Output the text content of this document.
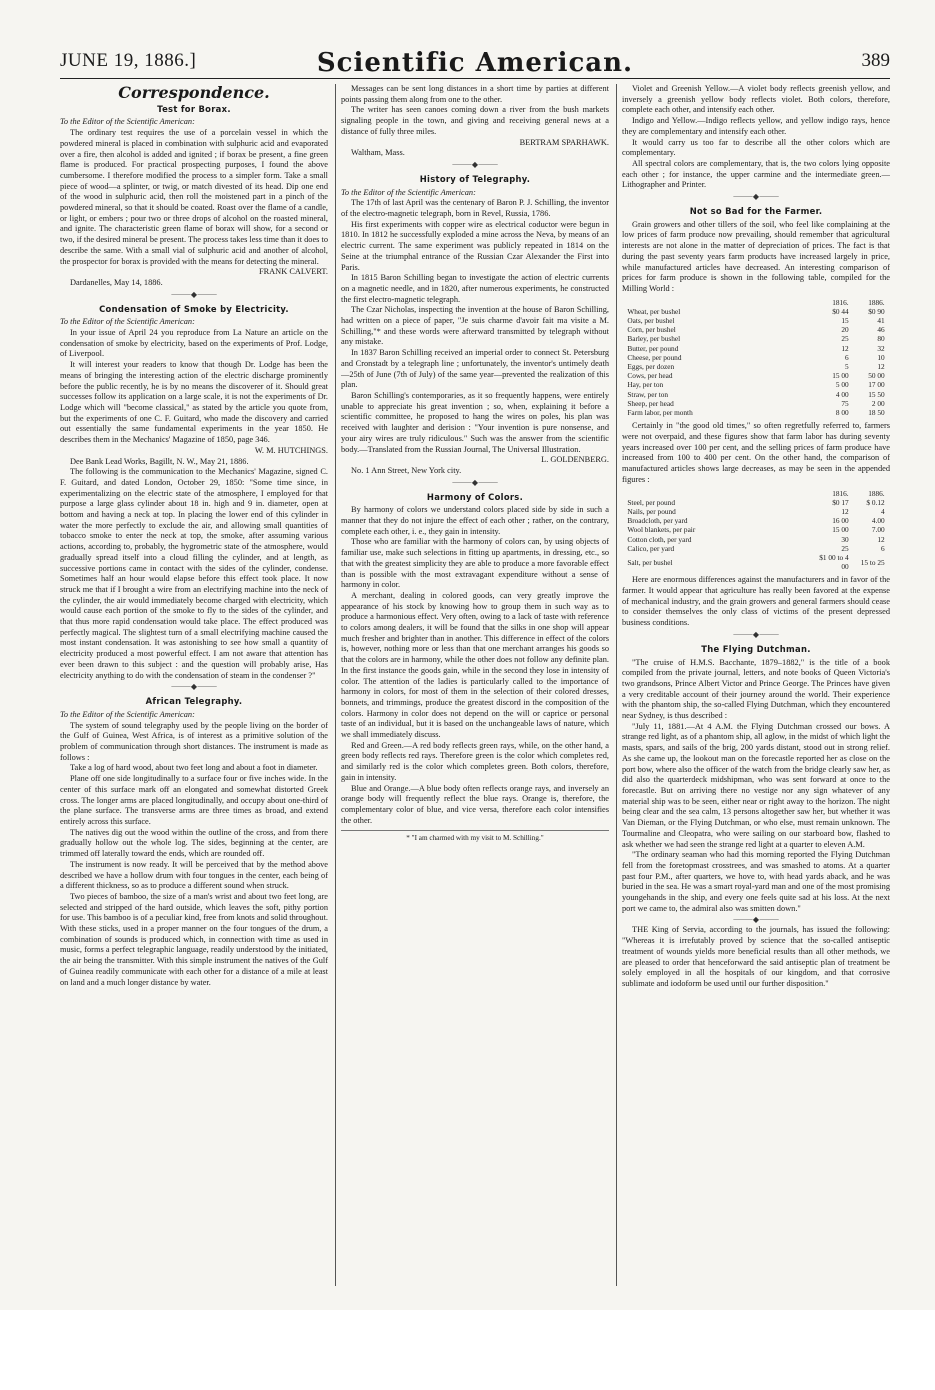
JUNE 19, 1886.]	Scientific American.	389
Correspondence.
Test for Borax.

To the Editor of the Scientific American:

The ordinary test requires the use of a porcelain vessel in which the powdered mineral is placed in combination with sulphuric acid and evaporated over a fire, then alcohol is added and ignited ; if borax be present, a fine green flame is produced. For practical prospecting purposes, I found the above cumbersome. I therefore modified the process to a simpler form. Take a small piece of wood—a splinter, or twig, or match divested of its head. Dip one end of the wood in sulphuric acid, then roll the moistened part in a pinch of the powdered mineral, so that it should be coated. Roast over the flame of a candle, or light, or embers ; pour two or three drops of alcohol on the roasted mineral, and ignite. The characteristic green flame of borax will show, for a second or two, if the desired mineral be present. The process takes less time than it does to describe the same. With a small vial of sulphuric acid and another of alcohol, the prospector for borax is provided with the means for detecting the mineral.

FRANK CALVERT.

Dardanelles, May 14, 1886.

⸻◆⸻
Condensation of Smoke by Electricity.

To the Editor of the Scientific American:

In your issue of April 24 you reproduce from La Nature an article on the condensation of smoke by electricity, based on the experiments of Prof. Lodge, of Liverpool.

It will interest your readers to know that though Dr. Lodge has been the means of bringing the interesting action of the electric discharge prominently before the public recently, he is by no means the discoverer of it. Should great successes follow its application on a large scale, it is not the experiments of Dr. Lodge which will "become classical," as stated by the article you quote from, but the experiments of one C. F. Guitard, who made the discovery and carried out essentially the same fundamental experiments in the year 1850. He describes them in the Mechanics' Magazine of 1850, page 346.

W. M. HUTCHINGS.

Dee Bank Lead Works, Bagillt, N. W., May 21, 1886.

The following is the communication to the Mechanics' Magazine, signed C. F. Guitard, and dated London, October 29, 1850: "Some time since, in experimentalizing on the electric state of the atmosphere, I employed for that purpose a large glass cylinder about 18 in. high and 9 in. diameter, open at bottom and having a neck at top. In placing the lower end of this cylinder in water the more perfectly to exclude the air, and allowing small quantities of tobacco smoke to enter the neck at top, the smoke, after assuming various actions, according to, probably, the hygrometric state of the atmosphere, would gradually spread itself into a cloud filling the cylinder, and at length, as successive portions came in contact with the sides of the cylinder, condense. Sometimes half an hour would elapse before this effect took place. It now struck me that if I brought a wire from an electrifying machine into the neck of the cylinder, the air would immediately become charged with electricity, which would cause each portion of the smoke to fly to the sides of the cylinder, and that thus more rapid condensation would take place. The effect produced was perfectly magical. The slightest turn of a small electrifying machine caused the most instant condensation. It was astonishing to see how small a quantity of electricity produced a most powerful effect. I am not aware that attention has ever been drawn to this subject : and the question will probably arise, Has electricity anything to do with the condensation of steam in the condenser ?"

⸻◆⸻
African Telegraphy.

To the Editor of the Scientific American:

The system of sound telegraphy used by the people living on the border of the Gulf of Guinea, West Africa, is of interest as a primitive solution of the problem of communication through short distances. The instrument is made as follows :

Take a log of hard wood, about two feet long and about a foot in diameter.

Plane off one side longitudinally to a surface four or five inches wide. In the center of this surface mark off an elongated and somewhat distorted Greek cross. The longer arms are placed longitudinally, and occupy about one-third of the plane surface. The transverse arms are three times as broad, and extend entirely across this surface.

The natives dig out the wood within the outline of the cross, and from there gradually hollow out the whole log. The sides, beginning at the center, are trimmed off laterally toward the ends, which are rounded off.

The instrument is now ready. It will be perceived that by the method above described we have a hollow drum with four tongues in the center, each being of a different thickness, so as to produce a different sound when struck.

Two pieces of bamboo, the size of a man's wrist and about two feet long, are selected and stripped of the hard outside, which leaves the soft, pithy portion for use. This bamboo is of a peculiar kind, free from knots and solid throughout. With these sticks, used in a proper manner on the four tongues of the drum, a combination of sounds is produced which, in connection with time as used in music, forms a perfect telegraphic language, readily understood by the initiated, the air being the transmitter. With this simple instrument the natives of the Gulf of Guinea readily communicate with each other for a distance of a mile at least on land and a much longer distance by water.

Messages can be sent long distances in a short time by parties at different points passing them along from one to the other.

The writer has seen canoes coming down a river from the bush markets signaling people in the town, and giving and receiving general news at a distance of fully three miles.

BERTRAM SPARHAWK.

Waltham, Mass.

⸻◆⸻
History of Telegraphy.

To the Editor of the Scientific American:

The 17th of last April was the centenary of Baron P. J. Schilling, the inventor of the electro-magnetic telegraph, born in Revel, Russia, 1786.

His first experiments with copper wire as electrical coductor were begun in 1810. In 1812 he successfully exploded a mine across the Neva, by means of an electric current. The same experiment was publicly repeated in 1814 on the Seine at the triumphal entrance of the Russian Czar Alexander the First into Paris.

In 1815 Baron Schilling began to investigate the action of electric currents on a magnetic needle, and in 1820, after numerous experiments, he constructed the first electro-magnetic telegraph.

The Czar Nicholas, inspecting the invention at the house of Baron Schilling, had written on a piece of paper, "Je suis charme d'avoir fait ma visite a M. Schilling,"* and these words were afterward transmitted by telegraph without any mistake.

In 1837 Baron Schilling received an imperial order to connect St. Petersburg and Cronstadt by a telegraph line ; unfortunately, the inventor's untimely death—25th of June (7th of July) of the same year—prevented the realization of this plan.

Baron Schilling's contemporaries, as it so frequently happens, were entirely unable to appreciate his great invention ; so, when, explaining it before a scientific committee, he proposed to hang the wires on poles, his plan was received with laughter and derision : "Your invention is pure nonsense, and your airy wires are truly ridiculous." Such was the answer from the scientific body.—Translated from the Russian Journal, The Universal Illustration.

L. GOLDENBERG.

No. 1 Ann Street, New York city.

⸻◆⸻
Harmony of Colors.

By harmony of colors we understand colors placed side by side in such a manner that they do not injure the effect of each other ; rather, on the contrary, complete each other, i. e., they gain in intensity.

Those who are familiar with the harmony of colors can, by using objects of familiar use, make such selections in fitting up apartments, in dressing, etc., so that with the greatest simplicity they are able to produce a more favorable effect than is possible with the most extravagant expenditure without a sense of harmony in color.

A merchant, dealing in colored goods, can very greatly improve the appearance of his stock by knowing how to group them in such way as to produce a harmonious effect. Very often, owing to a lack of taste with reference to colors among dealers, it will be found that the silks in one shop will appear much fresher and brighter than in another. This difference in effect of the colors is, however, nothing more or less than that one merchant arranges his goods so that the colors are in harmony, while the other does not follow any definite plan. In the first instance the goods gain, while in the second they lose in intensity of color. The attention of the ladies is particularly called to the importance of harmony in colors, for most of them in the selection of their colored dresses, bonnets, and trimmings, produce the greatest discord in the composition of the colors. Harmony in color does not depend on the will or caprice or personal taste of an individual, but it is based on the unchangeable laws of nature, which we shall immediately discuss.

Red and Green.—A red body reflects green rays, while, on the other hand, a green body reflects red rays. Therefore green is the color which completes red, and similarly red is the color which completes green. Both colors, therefore, gain in intensity.

Blue and Orange.—A blue body often reflects orange rays, and inversely an orange body will frequently reflect the blue rays. Orange is, therefore, the complementary color of blue, and vice versa, therefore each color intensifies the other.

* "I am charmed with my visit to M. Schilling."

Violet and Greenish Yellow.—A violet body reflects greenish yellow, and inversely a greenish yellow body reflects violet. Both colors, therefore, complete each other, and intensify each other.

Indigo and Yellow.—Indigo reflects yellow, and yellow indigo rays, hence they are complementary and intensify each other.

It would carry us too far to describe all the other colors which are complementary.

All spectral colors are complementary, that is, the two colors lying opposite each other ; for instance, the upper carmine and the intermediate green.—Lithographer and Printer.

⸻◆⸻
Not so Bad for the Farmer.

Grain growers and other tillers of the soil, who feel like complaining at the low prices of farm produce now prevailing, should remember that agricultural interests are not alone in the matter of depreciation of prices. The fact is that during the past seventy years farm products have increased largely in price, while manufactured articles have decreased. An interesting comparison of prices for farm produce is shown in the following table, compiled for the Milling World :

	1816.	1886.
Wheat, per bushel	$0 44	$0 90
Oats, per bushel	15	41
Corn, per bushel	20	46
Barley, per bushel	25	80
Butter, per pound	12	32
Cheese, per pound	6	10
Eggs, per dozen	5	12
Cows, per head	15 00	50 00
Hay, per ton	5 00	17 00
Straw, per ton	4 00	15 50
Sheep, per head	75	2 00
Farm labor, per month	8 00	18 50

Certainly in "the good old times," so often regretfully referred to, farmers were not overpaid, and these figures show that farm labor has during seventy years increased over 100 per cent, and the selling prices of farm produce have increased from 100 to 400 per cent. On the other hand, the comparison of manufactured articles shows large decreases, as may be seen in the appended figures :

	1816.	1886.
Steel, per pound	$0 17	$ 0.12
Nails, per pound	12	4
Broadcloth, per yard	16 00	4.00
Wool blankets, per pair	15 00	7.00
Cotton cloth, per yard	30	12
Calico, per yard	25	6
Salt, per bushel	$1 00 to 4 00	15 to 25

Here are enormous differences against the manufacturers and in favor of the farmer. It would appear that agriculture has really been favored at the expense of mechanical industry, and the grain growers and general farmers should cease to consider themselves the only class of victims of the present depressed business conditions.

⸻◆⸻
The Flying Dutchman.

"The cruise of H.M.S. Bacchante, 1879–1882," is the title of a book compiled from the private journal, letters, and note books of Queen Victoria's two grandsons, Prince Albert Victor and Prince George. The Princes have given a very creditable account of their journey around the world. Their experience with the phantom ship, the so-called Flying Dutchman, which they encountered near Sydney, is thus described :

"July 11, 1881.—At 4 A.M. the Flying Dutchman crossed our bows. A strange red light, as of a phantom ship, all aglow, in the midst of which light the masts, spars, and sails of the brig, 200 yards distant, stood out in strong relief. As she came up, the lookout man on the forecastle reported her as close on the port bow, where also the officer of the watch from the bridge clearly saw her, as did also the quarterdeck midshipman, who was sent forward at once to the forecastle. But on arriving there no vestige nor any sign whatever of any material ship was to be seen, either near or right away to the horizon. The night being clear and the sea calm, 13 persons altogether saw her, but whether it was Van Dieman, or the Flying Dutchman, or who else, must remain unknown. The Tourmaline and Cleopatra, who were sailing on our starboard bow, flashed to ask whether we had seen the strange red light at a quarter to eleven A.M.

"The ordinary seaman who had this morning reported the Flying Dutchman fell from the foretopmast crosstrees, and was smashed to atoms. At a quarter past four P.M., after quarters, we hove to, with head yards aback, and he was buried in the sea. He was a smart royal-yard man and one of the most promising youngehands in the ship, and every one feels quite sad at his loss. At the next port we came to, the admiral also was smitten down."

⸻◆⸻

THE King of Servia, according to the journals, has issued the following: "Whereas it is irrefutably proved by science that the so-called antiseptic treatment of wounds yields more beneficial results than all other methods, we are pleased to order that henceforward the said antiseptic plan of treatment be solely employed in all the hospitals of our kingdom, and that corrosive sublimate and iodoform be used until our further disposition."
